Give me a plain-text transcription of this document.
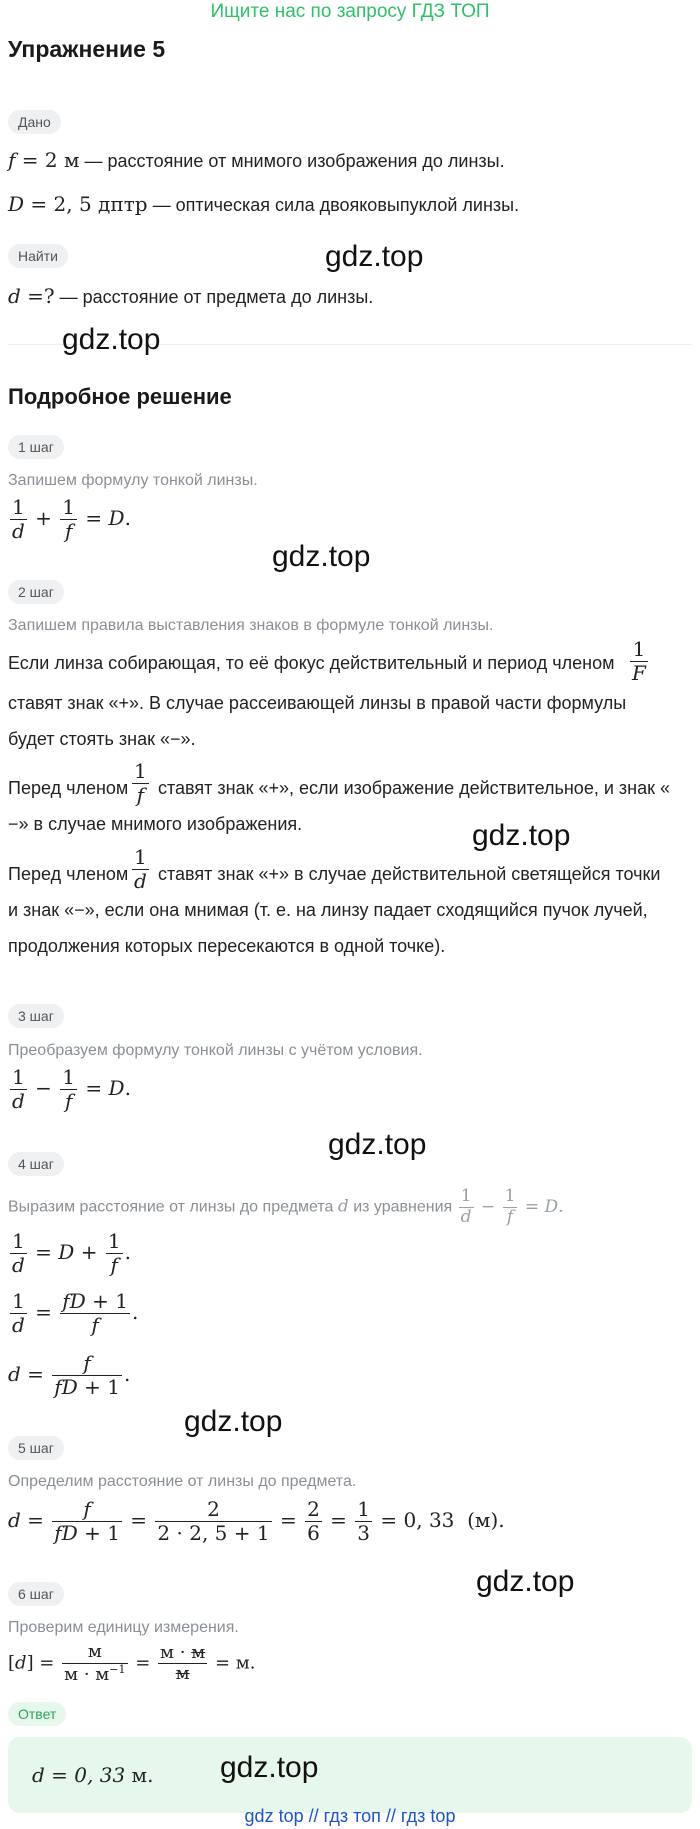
Ищите нас по запросу ГДЗ ТОП
Упражнение 5
Дано
f = 2 м — расстояние от мнимого изображения до линзы.
D = 2, 5 дптр — оптическая сила двояковыпуклой линзы.
Найти
d =? — расстояние от предмета до линзы.
Подробное решение
1 шаг
Запишем формулу тонкой линзы.
$\frac{1}{d} + \frac{1}{f} = D$.
2 шаг
Запишем правила выставления знаков в формуле тонкой линзы.
Если линза собирающая, то её фокус действительный и период членом $\frac{1}{F}$
ставят знак «+». В случае рассеивающей линзы в правой части формулы
будет стоять знак «−».
Перед членом $\frac{1}{f}$ ставят знак «+», если изображение действительное, и знак «
−» в случае мнимого изображения.
Перед членом $\frac{1}{d}$ ставят знак «+» в случае действительной светящейся точки
и знак «−», если она мнимая (т. е. на линзу падает сходящийся пучок лучей,
продолжения которых пересекаются в одной точке).
3 шаг
Преобразуем формулу тонкой линзы с учётом условия.
$\frac{1}{d} - \frac{1}{f} = D$.
4 шаг
Выразим расстояние от линзы до предмета d из уравнения $\frac{1}{d} - \frac{1}{f} = D$.
$\frac{1}{d} = D + \frac{1}{f}$ .
$\frac{1}{d} = \frac{fD + 1}{f}$ .
$d = \frac{f}{fD + 1}$ .
5 шаг
Определим расстояние от линзы до предмета.
$d = \frac{f}{fD + 1} = \frac{2}{2 \cdot 2, 5 + 1} = \frac{2}{6} = \frac{1}{3} = 0$, 33  (м).
6 шаг
Проверим единицу измерения.
$[d] = \frac{м}{м \cdot м^{-1}} = \frac{м \cdot м}{м} = м$.
Ответ
d = 0, 33 м.
gdz.top
gdz.top
gdz.top
gdz.top
gdz.top
gdz.top
gdz.top
gdz.top
gdz top // гдз топ // гдз top
